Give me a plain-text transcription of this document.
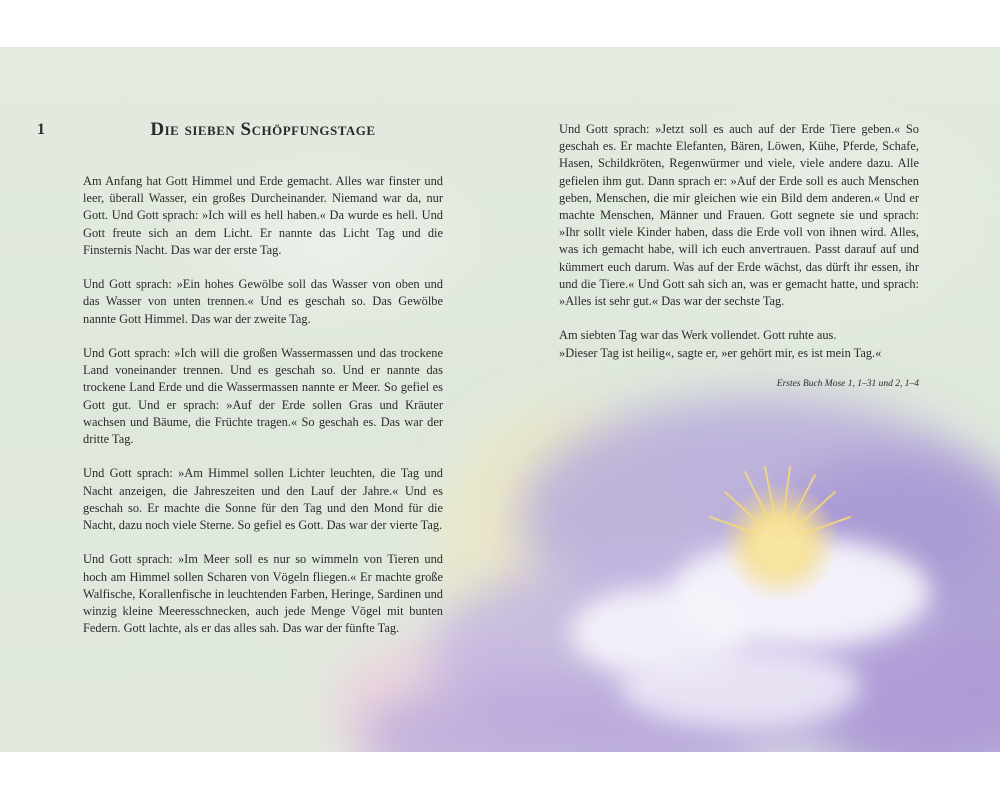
1	Die sieben Schöpfungstage

Am Anfang hat Gott Himmel und Erde gemacht. Alles war finster und leer, überall Wasser, ein großes Durcheinander. Niemand war da, nur Gott. Und Gott sprach: »Ich will es hell haben.« Da wurde es hell. Und Gott freute sich an dem Licht. Er nannte das Licht Tag und die Finsternis Nacht. Das war der erste Tag.

Und Gott sprach: »Ein hohes Gewölbe soll das Wasser von oben und das Wasser von unten trennen.« Und es geschah so. Das Gewölbe nannte Gott Himmel. Das war der zweite Tag.

Und Gott sprach: »Ich will die großen Wassermassen und das trockene Land voneinander trennen. Und es geschah so. Und er nannte das trockene Land Erde und die Wassermassen nannte er Meer. So gefiel es Gott gut. Und er sprach: »Auf der Erde sollen Gras und Kräuter wachsen und Bäume, die Früchte tragen.« So geschah es. Das war der dritte Tag.

Und Gott sprach: »Am Himmel sollen Lichter leuchten, die Tag und Nacht anzeigen, die Jahreszeiten und den Lauf der Jahre.« Und es geschah so. Er machte die Sonne für den Tag und den Mond für die Nacht, dazu noch viele Sterne. So gefiel es Gott. Das war der vierte Tag.

Und Gott sprach: »Im Meer soll es nur so wimmeln von Tieren und hoch am Himmel sollen Scharen von Vögeln fliegen.« Er machte große Walfische, Korallenfische in leuchtenden Farben, Heringe, Sardinen und winzig kleine Meeresschnecken, auch jede Menge Vögel mit bunten Federn. Gott lachte, als er das alles sah. Das war der fünfte Tag.

Und Gott sprach: »Jetzt soll es auch auf der Erde Tiere geben.« So geschah es. Er machte Elefanten, Bären, Löwen, Kühe, Pferde, Schafe, Hasen, Schildkröten, Regenwürmer und viele, viele andere dazu. Alle gefielen ihm gut. Dann sprach er: »Auf der Erde soll es auch Menschen geben, Menschen, die mir gleichen wie ein Bild dem anderen.« Und er machte Menschen, Männer und Frauen. Gott segnete sie und sprach: »Ihr sollt viele Kinder haben, dass die Erde voll von ihnen wird. Alles, was ich gemacht habe, will ich euch anvertrauen. Passt darauf auf und kümmert euch darum. Was auf der Erde wächst, das dürft ihr essen, ihr und die Tiere.« Und Gott sah sich an, was er gemacht hatte, und sprach: »Alles ist sehr gut.« Das war der sechste Tag.

Am siebten Tag war das Werk vollendet. Gott ruhte aus.
»Dieser Tag ist heilig«, sagte er, »er gehört mir, es ist mein Tag.«

Erstes Buch Mose 1, 1–31 und 2, 1–4
